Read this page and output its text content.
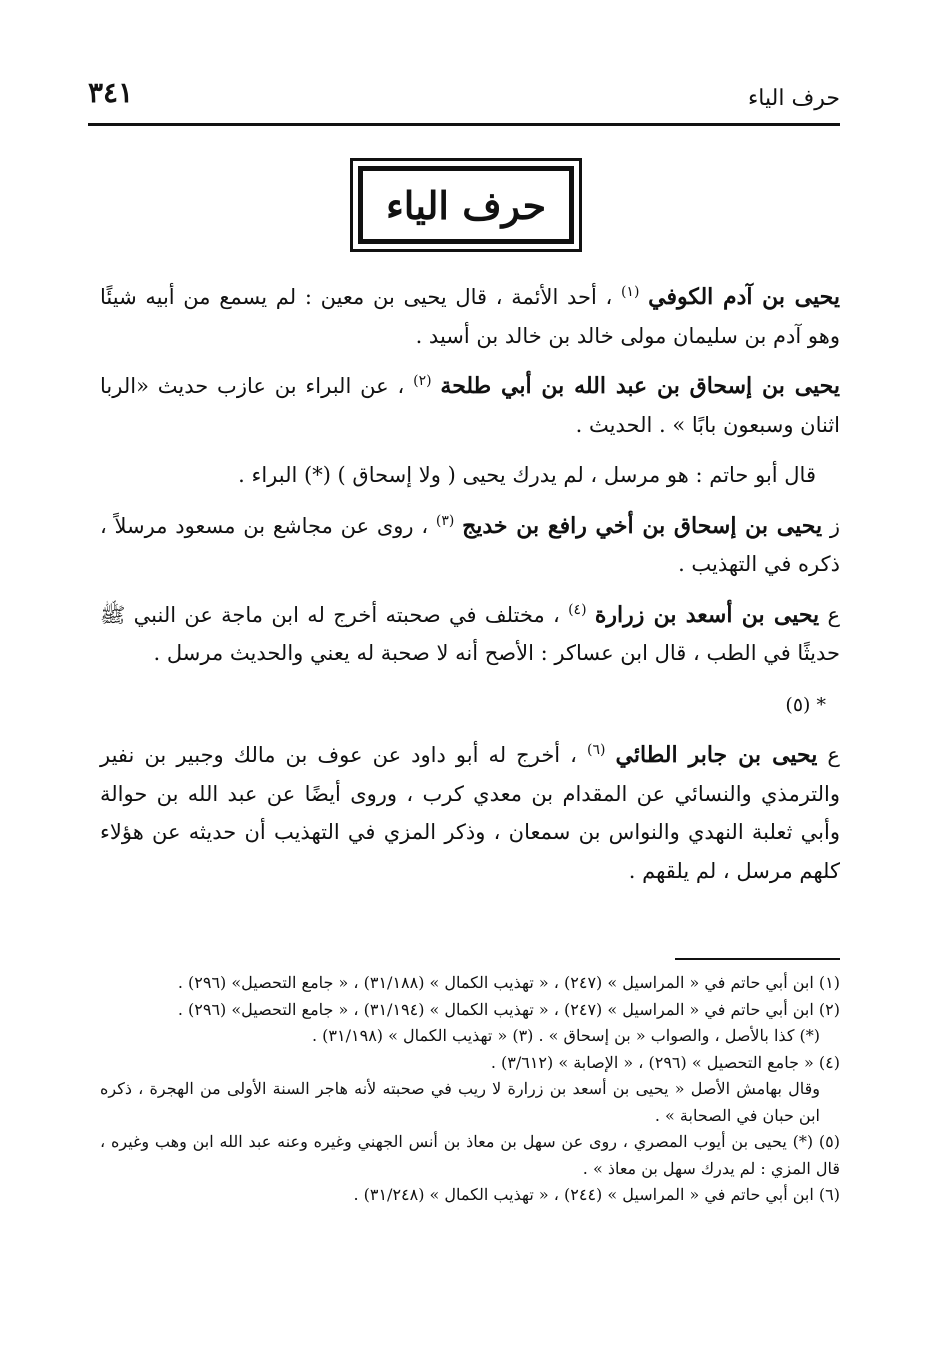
حرف الياء
٣٤١
حرف الياء

يحيى بن آدم الكوفي $^{(١)}$ ، أحد الأئمة ، قال يحيى بن معين : لم يسمع من أبيه شيئًا وهو آدم بن سليمان مولى خالد بن خالد بن أسيد .

يحيى بن إسحاق بن عبد الله بن أبي طلحة $^{(٢)}$ ، عن البراء بن عازب حديث «الربا اثنان وسبعون بابًا » . الحديث .

قال أبو حاتم : هو مرسل ، لم يدرك يحيى ( ولا إسحاق ) (*) البراء .

ز يحيى بن إسحاق بن أخي رافع بن خديج $^{(٣)}$ ، روى عن مجاشع بن مسعود مرسلاً ، ذكره في التهذيب .

ع يحيى بن أسعد بن زرارة $^{(٤)}$ ، مختلف في صحبته أخرج له ابن ماجة عن النبي ﷺ حديثًا في الطب ، قال ابن عساكر : الأصح أنه لا صحبة له يعني والحديث مرسل .

* (٥)

ع يحيى بن جابر الطائي $^{(٦)}$ ، أخرج له أبو داود عن عوف بن مالك وجبير بن نفير والترمذي والنسائي عن المقدام بن معدي كرب ، وروى أيضًا عن عبد الله بن حوالة وأبي ثعلبة النهدي والنواس بن سمعان ، وذكر المزي في التهذيب أن حديثه عن هؤلاء كلهم مرسل ، لم يلقهم .

(١) ابن أبي حاتم في « المراسيل » (٢٤٧) ، « تهذيب الكمال » (٣١/١٨٨) ، « جامع التحصيل» (٢٩٦) .

(٢) ابن أبي حاتم في « المراسيل » (٢٤٧) ، « تهذيب الكمال » (٣١/١٩٤) ، « جامع التحصيل» (٢٩٦) .

(*) كذا بالأصل ، والصواب « بن إسحاق » . (٣) « تهذيب الكمال » (٣١/١٩٨) .

(٤) « جامع التحصيل » (٢٩٦) ، « الإصابة » (٣/٦١٢) .

وقال بهامش الأصل « يحيى بن أسعد بن زرارة لا ريب في صحبته لأنه هاجر السنة الأولى من الهجرة ، ذكره ابن حبان في الصحابة » .

(٥) (*) يحيى بن أيوب المصري ، روى عن سهل بن معاذ بن أنس الجهني وغيره وعنه عبد الله ابن وهب وغيره ، قال المزي : لم يدرك سهل بن معاذ » .

(٦) ابن أبي حاتم في « المراسيل » (٢٤٤) ، « تهذيب الكمال » (٣١/٢٤٨) .
